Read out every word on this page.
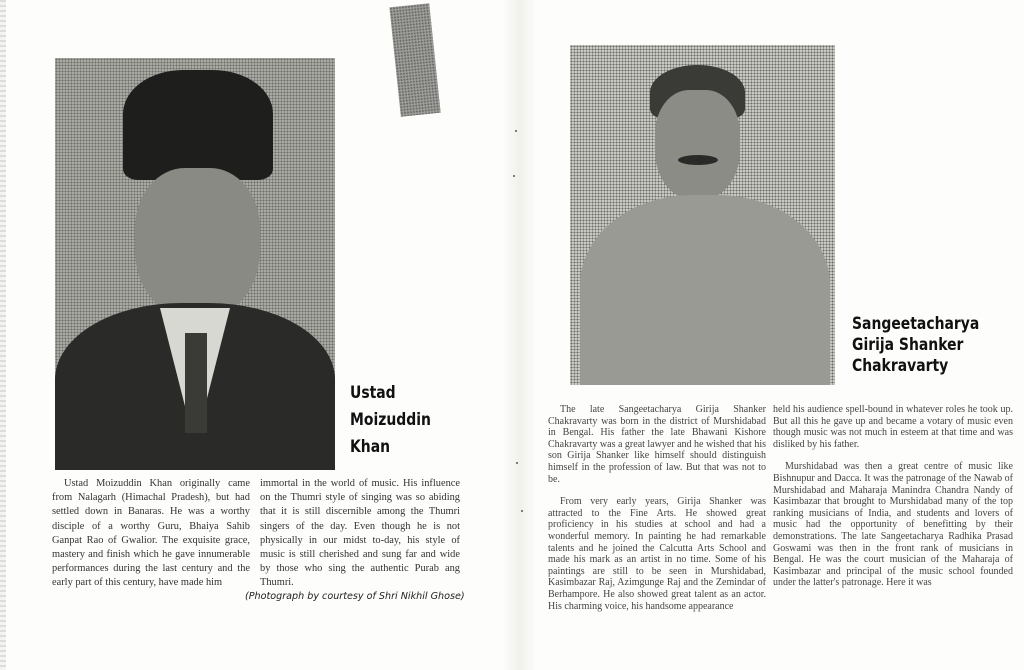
Ustad
Moizuddin
Khan
Sangeetacharya
Girija Shanker
Chakravarty

Ustad Moizuddin Khan originally came from Nalagarh (Himachal Pradesh), but had settled down in Banaras. He was a worthy disciple of a worthy Guru, Bhaiya Sahib Ganpat Rao of Gwalior. The exquisite grace, mastery and finish which he gave innumerable performances during the last century and the early part of this century, have made him

immortal in the world of music. His influence on the Thumri style of singing was so abiding that it is still discernible among the Thumri singers of the day. Even though he is not physically in our midst to-day, his style of music is still cherished and sung far and wide by those who sing the authentic Purab ang Thumri.

(Photograph by courtesy of Shri Nikhil Ghose)

The late Sangeetacharya Girija Shanker Chakravarty was born in the district of Murshidabad in Bengal. His father the late Bhawani Kishore Chakravarty was a great lawyer and he wished that his son Girija Shanker like himself should distinguish himself in the profession of law. But that was not to be.

From very early years, Girija Shanker was attracted to the Fine Arts. He showed great proficiency in his studies at school and had a wonderful memory. In painting he had remarkable talents and he joined the Calcutta Arts School and made his mark as an artist in no time. Some of his paintings are still to be seen in Murshidabad, Kasimbazar Raj, Azimgunge Raj and the Zemindar of Berhampore. He also showed great talent as an actor. His charming voice, his handsome appearance

held his audience spell-bound in whatever roles he took up. But all this he gave up and became a votary of music even though music was not much in esteem at that time and was disliked by his father.

Murshidabad was then a great centre of music like Bishnupur and Dacca. It was the patronage of the Nawab of Murshidabad and Maharaja Manindra Chandra Nandy of Kasimbazar that brought to Murshidabad many of the top ranking musicians of India, and students and lovers of music had the opportunity of benefitting by their demonstrations. The late Sangeetacharya Radhika Prasad Goswami was then in the front rank of musicians in Bengal. He was the court musician of the Maharaja of Kasimbazar and principal of the music school founded under the latter's patronage. Here it was
